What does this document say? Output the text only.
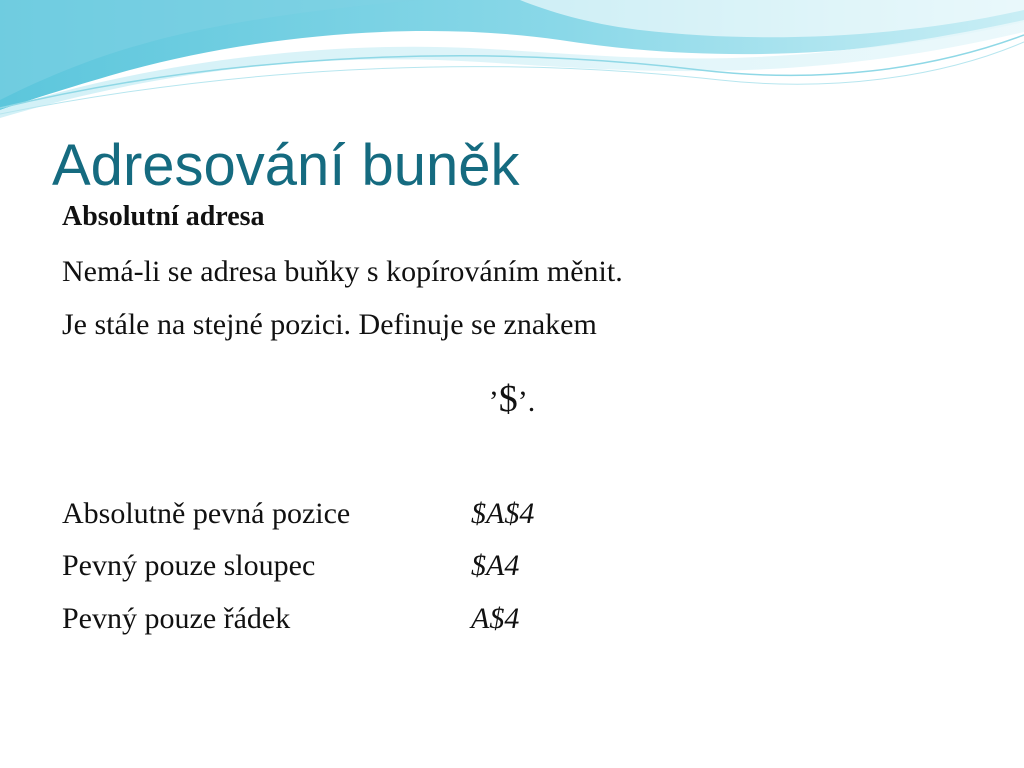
Adresování buněk
Absolutní adresa
Nemá-li se adresa buňky s kopírováním měnit.
Je stále na stejné pozici. Definuje se znakem
’$’.
Absolutně pevná pozice	$A$4
Pevný pouze sloupec	$A4
Pevný pouze řádek	A$4
